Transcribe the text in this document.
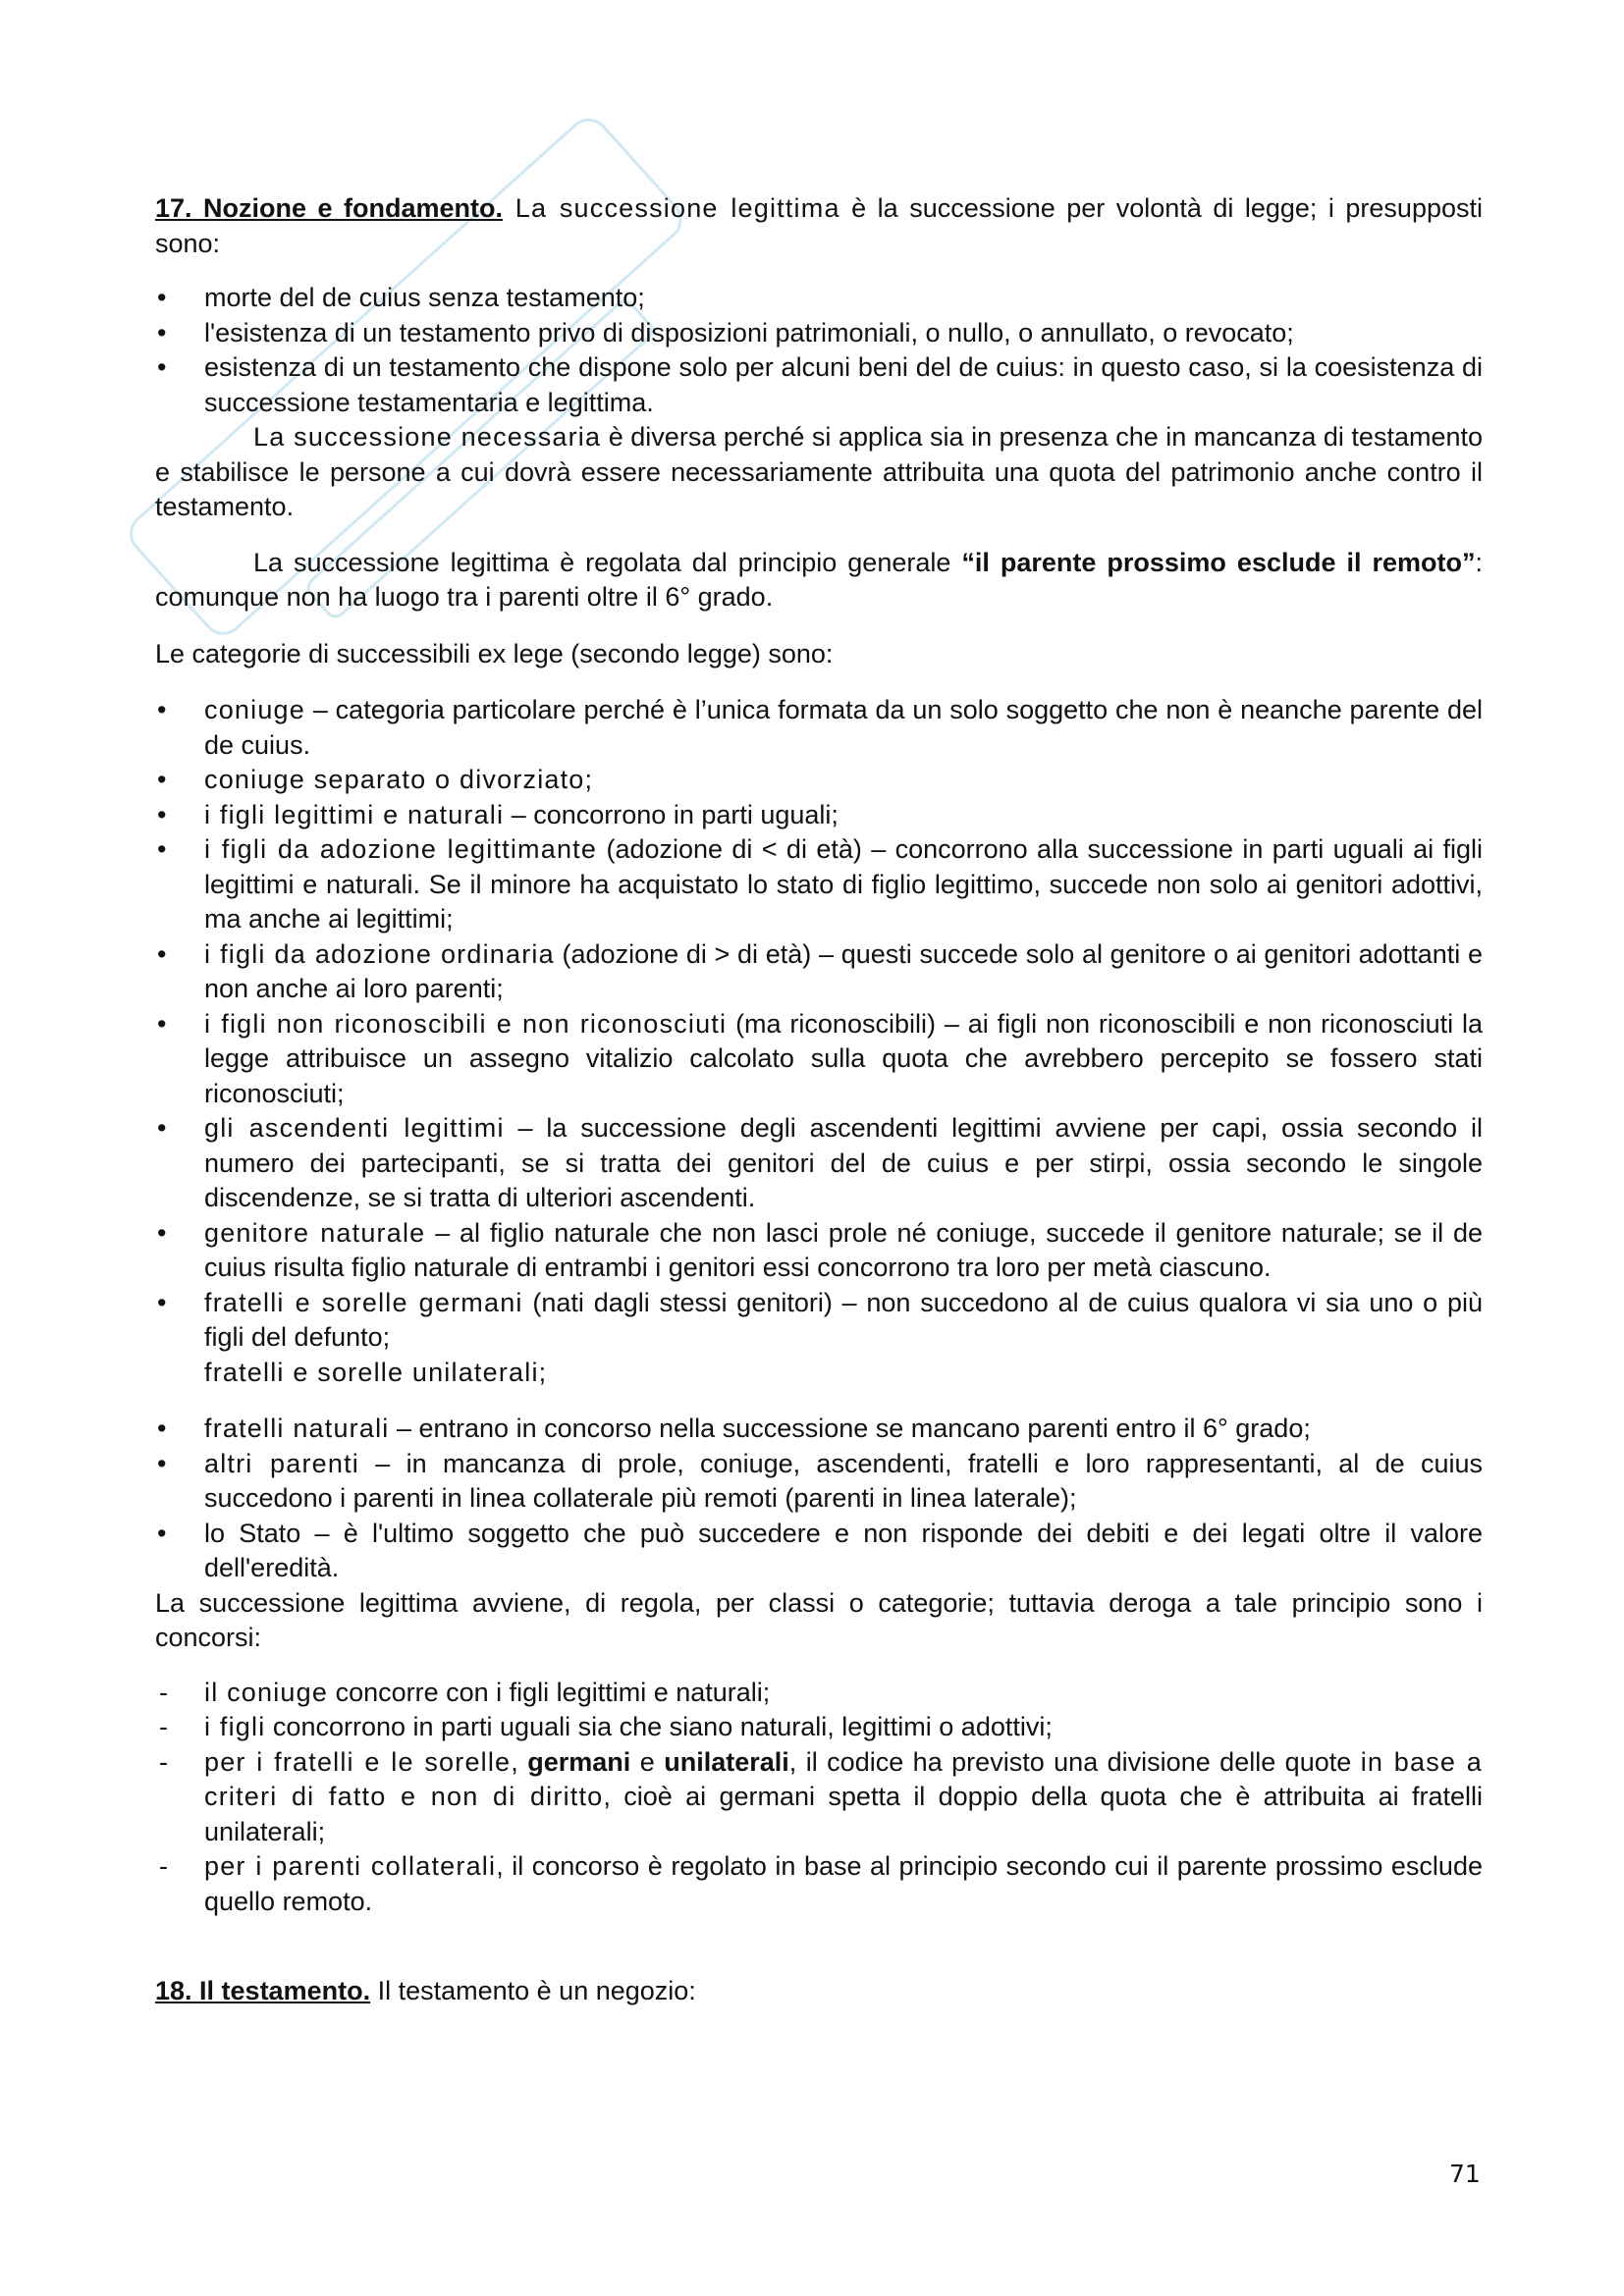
17. Nozione e fondamento. La successione legittima è la successione per volontà di legge; i presupposti sono:

• morte del de cuius senza testamento;
• l'esistenza di un testamento privo di disposizioni patrimoniali, o nullo, o annullato, o revocato;
• esistenza di un testamento che dispone solo per alcuni beni del de cuius: in questo caso, si la coesistenza di successione testamentaria e legittima.

La successione necessaria è diversa perché si applica sia in presenza che in mancanza di testamento e stabilisce le persone a cui dovrà essere necessariamente attribuita una quota del patrimonio anche contro il testamento.

La successione legittima è regolata dal principio generale “il parente prossimo esclude il remoto”: comunque non ha luogo tra i parenti oltre il 6° grado.

Le categorie di successibili ex lege (secondo legge) sono:

• coniuge – categoria particolare perché è l’unica formata da un solo soggetto che non è neanche parente del de cuius.
• coniuge separato o divorziato;
• i figli legittimi e naturali – concorrono in parti uguali;
• i figli da adozione legittimante (adozione di < di età) – concorrono alla successione in parti uguali ai figli legittimi e naturali. Se il minore ha acquistato lo stato di figlio legittimo, succede non solo ai genitori adottivi, ma anche ai legittimi;
• i figli da adozione ordinaria (adozione di > di età) – questi succede solo al genitore o ai genitori adottanti e non anche ai loro parenti;
• i figli non riconoscibili e non riconosciuti (ma riconoscibili) – ai figli non riconoscibili e non riconosciuti la legge attribuisce un assegno vitalizio calcolato sulla quota che avrebbero percepito se fossero stati riconosciuti;
• gli ascendenti legittimi – la successione degli ascendenti legittimi avviene per capi, ossia secondo il numero dei partecipanti, se si tratta dei genitori del de cuius e per stirpi, ossia secondo le singole discendenze, se si tratta di ulteriori ascendenti.
• genitore naturale – al figlio naturale che non lasci prole né coniuge, succede il genitore naturale; se il de cuius risulta figlio naturale di entrambi i genitori essi concorrono tra loro per metà ciascuno.
• fratelli e sorelle germani (nati dagli stessi genitori) – non succedono al de cuius qualora vi sia uno o più figli del defunto;
fratelli e sorelle unilaterali;
• fratelli naturali – entrano in concorso nella successione se mancano parenti entro il 6° grado;
• altri parenti – in mancanza di prole, coniuge, ascendenti, fratelli e loro rappresentanti, al de cuius succedono i parenti in linea collaterale più remoti (parenti in linea laterale);
• lo Stato – è l'ultimo soggetto che può succedere e non risponde dei debiti e dei legati oltre il valore dell'eredità.

La successione legittima avviene, di regola, per classi o categorie; tuttavia deroga a tale principio sono i concorsi:

- il coniuge concorre con i figli legittimi e naturali;
- i figli concorrono in parti uguali sia che siano naturali, legittimi o adottivi;
- per i fratelli e le sorelle, germani e unilaterali, il codice ha previsto una divisione delle quote in base a criteri di fatto e non di diritto, cioè ai germani spetta il doppio della quota che è attribuita ai fratelli unilaterali;
- per i parenti collaterali, il concorso è regolato in base al principio secondo cui il parente prossimo esclude quello remoto.

18. Il testamento. Il testamento è un negozio:

71
